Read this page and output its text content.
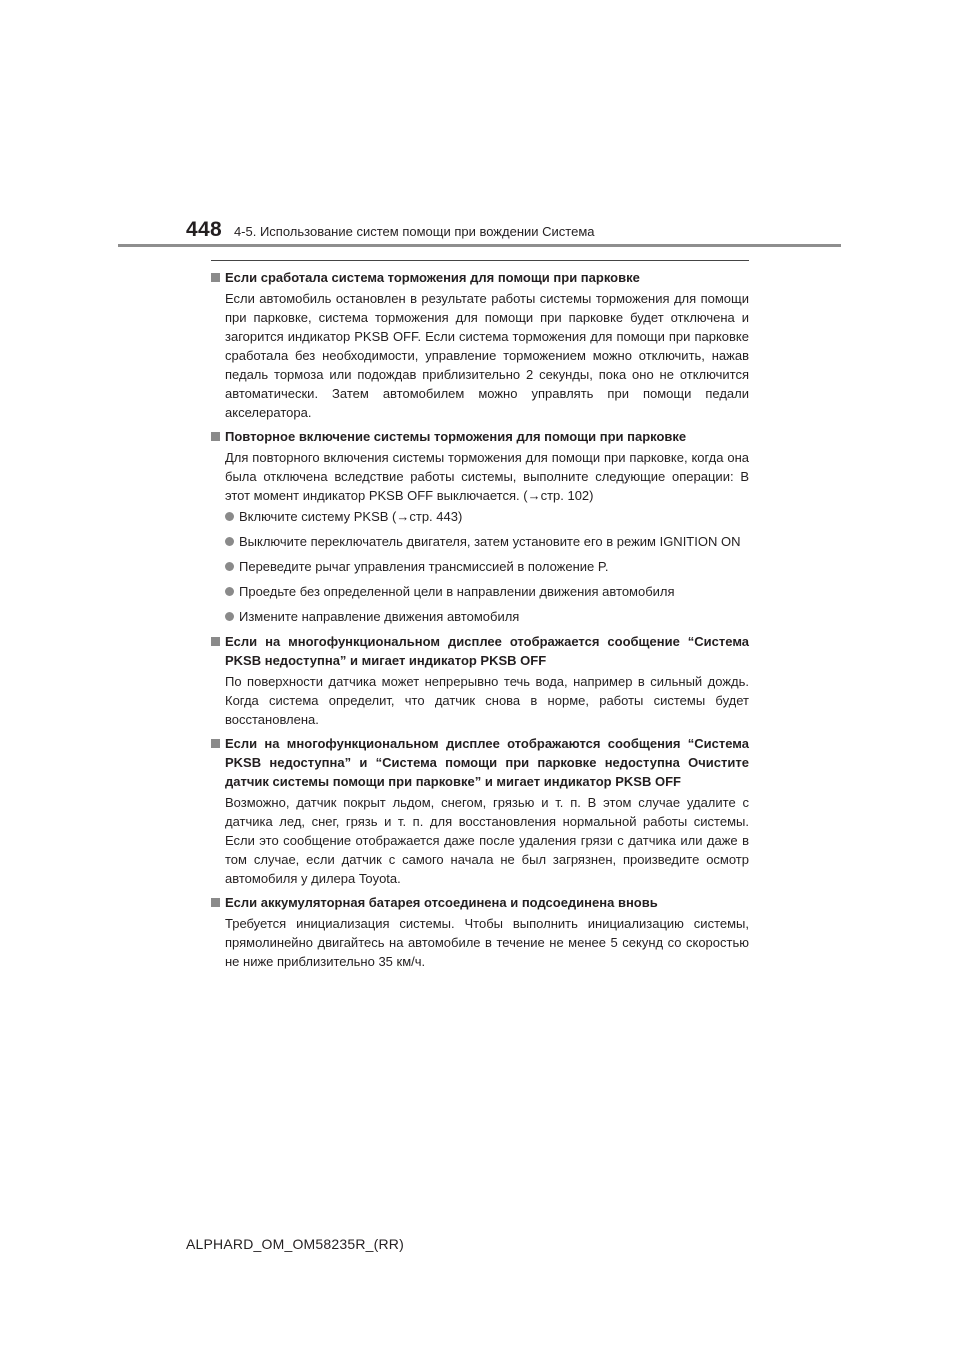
448 4-5. Использование систем помощи при вождении Система
Если сработала система торможения для помощи при парковке
Если автомобиль остановлен в результате работы системы торможения для помощи при парковке, система торможения для помощи при парковке будет отключена и загорится индикатор PKSB OFF. Если система торможения для помощи при парковке сработала без необходимости, управление торможением можно отключить, нажав педаль тормоза или подождав приблизительно 2 секунды, пока оно не отключится автоматически. Затем автомобилем можно управлять при помощи педали акселератора.
Повторное включение системы торможения для помощи при парковке
Для повторного включения системы торможения для помощи при парковке, когда она была отключена вследствие работы системы, выполните следующие операции: В этот момент индикатор PKSB OFF выключается. (→стр. 102)
Включите систему PKSB (→стр. 443)
Выключите переключатель двигателя, затем установите его в режим IGNITION ON
Переведите рычаг управления трансмиссией в положение P.
Проедьте без определенной цели в направлении движения автомобиля
Измените направление движения автомобиля
Если на многофункциональном дисплее отображается сообщение “Система PKSB недоступна” и мигает индикатор PKSB OFF
По поверхности датчика может непрерывно течь вода, например в сильный дождь. Когда система определит, что датчик снова в норме, работы системы будет восстановлена.
Если на многофункциональном дисплее отображаются сообщения “Система PKSB недоступна” и “Система помощи при парковке недоступна Очистите датчик системы помощи при парковке” и мигает индикатор PKSB OFF
Возможно, датчик покрыт льдом, снегом, грязью и т. п. В этом случае удалите с датчика лед, снег, грязь и т. п. для восстановления нормальной работы системы. Если это сообщение отображается даже после удаления грязи с датчика или даже в том случае, если датчик с самого начала не был загрязнен, произведите осмотр автомобиля у дилера Toyota.
Если аккумуляторная батарея отсоединена и подсоединена вновь
Требуется инициализация системы. Чтобы выполнить инициализацию системы, прямолинейно двигайтесь на автомобиле в течение не менее 5 секунд со скоростью не ниже приблизительно 35 км/ч.
ALPHARD_OM_OM58235R_(RR)
